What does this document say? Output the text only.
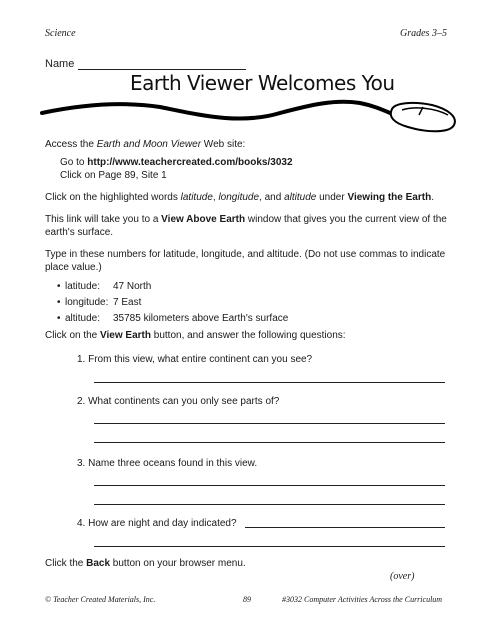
Science	Grades 3–5
Name
Earth Viewer Welcomes You

Access the Earth and Moon Viewer Web site:

Go to http://www.teachercreated.com/books/3032

Click on Page 89, Site 1

Click on the highlighted words latitude, longitude, and altitude under Viewing the Earth.

This link will take you to a View Above Earth window that gives you the current view of the
earth's surface.

Type in these numbers for latitude, longitude, and altitude. (Do not use commas to indicate
place value.)

• latitude: 47 North
• longitude: 7 East
• altitude: 35785 kilometers above Earth's surface

Click on the View Earth button, and answer the following questions:

1. From this view, what entire continent can you see?

2. What continents can you only see parts of?

3. Name three oceans found in this view.

4. How are night and day indicated?

Click the Back button on your browser menu.

(over)
© Teacher Created Materials, Inc.	89	#3032 Computer Activities Across the Curriculum
